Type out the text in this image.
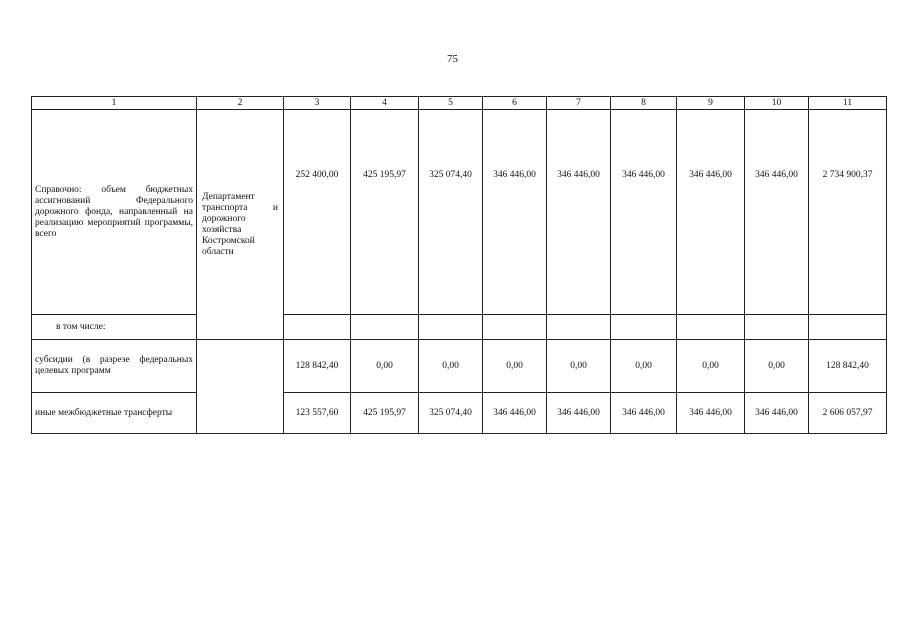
75
1	2	3	4	5	6	7	8	9	10	11
Справочно: объем бюджетных ассигнований Федерального дорожного фонда, направленный на реализацию мероприятий программы, всего	Департамент транспорта и дорожного хозяйства Костромской области	252 400,00	425 195,97	325 074,40	346 446,00	346 446,00	346 446,00	346 446,00	346 446,00	2 734 900,37
в том числе:										
субсидии (в разрезе федеральных целевых программ		128 842,40	0,00	0,00	0,00	0,00	0,00	0,00	0,00	128 842,40
иные межбюджетные трансферты		123 557,60	425 195,97	325 074,40	346 446,00	346 446,00	346 446,00	346 446,00	346 446,00	2 606 057,97
